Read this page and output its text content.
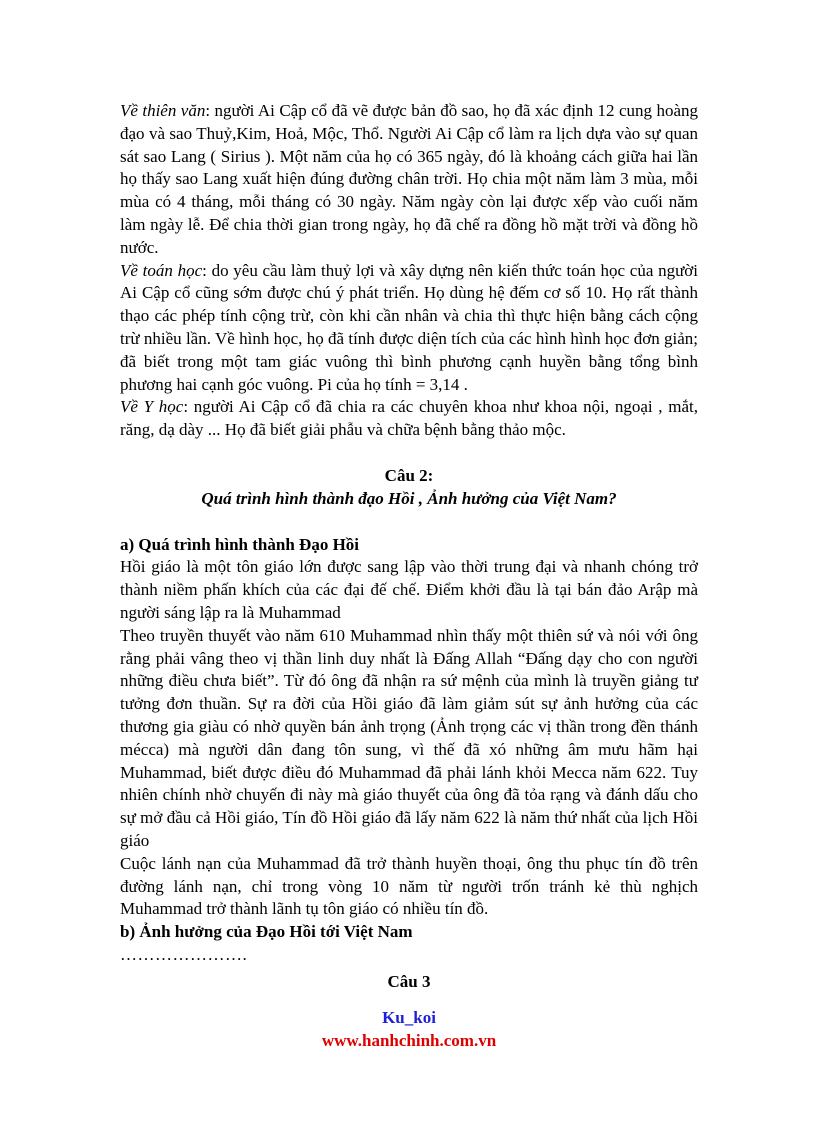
Về thiên văn: người Ai Cập cổ đã vẽ được bản đồ sao, họ đã xác định 12 cung hoàng đạo và sao Thuỷ,Kim, Hoả, Mộc, Thổ. Người Ai Cập cổ làm ra lịch dựa vào sự quan sát sao Lang ( Sirius ). Một năm của họ có 365 ngày, đó là khoảng cách giữa hai lần họ thấy sao Lang xuất hiện đúng đường chân trời. Họ chia một năm làm 3 mùa, mỗi mùa có 4 tháng, mỗi tháng có 30 ngày. Năm ngày còn lại được xếp vào cuối năm làm ngày lễ. Để chia thời gian trong ngày, họ đã chế ra đồng hồ mặt trời và đồng hồ nước.

Về toán học: do yêu cầu làm thuỷ lợi và xây dựng nên kiến thức toán học của người Ai Cập cổ cũng sớm được chú ý phát triển. Họ dùng hệ đếm cơ số 10. Họ rất thành thạo các phép tính cộng trừ, còn khi cần nhân và chia thì thực hiện bằng cách cộng trừ nhiều lần. Về hình học, họ đã tính được diện tích của các hình hình học đơn giản; đã biết trong một tam giác vuông thì bình phương cạnh huyền bằng tổng bình phương hai cạnh góc vuông. Pi của họ tính = 3,14 .

Về Y học: người Ai Cập cổ đã chia ra các chuyên khoa như khoa nội, ngoại , mắt, răng, dạ dày ... Họ đã biết giải phẫu và chữa bệnh bằng thảo mộc.

Câu 2:

Quá trình hình thành đạo Hồi , Ảnh hưởng của Việt Nam?

a) Quá trình hình thành Đạo Hồi

Hồi giáo là một tôn giáo lớn được sang lập vào thời trung đại và nhanh chóng trở thành niềm phấn khích của các đại đế chế. Điểm khởi đầu là tại bán đảo Arập mà người sáng lập ra là Muhammad

Theo truyền thuyết vào năm 610 Muhammad nhìn thấy một thiên sứ và nói với ông rằng phải vâng theo vị thần linh duy nhất là Đấng Allah “Đấng dạy cho con người những điều chưa biết”. Từ đó ông đã nhận ra sứ mệnh của mình là truyền giảng tư tưởng đơn thuần. Sự ra đời của Hồi giáo đã làm giảm sút sự ảnh hưởng của các thương gia giàu có nhờ quyền bán ảnh trọng (Ảnh trọng các vị thần trong đền thánh mécca) mà người dân đang tôn sung, vì thế đã xó những âm mưu hãm hại Muhammad, biết được điều đó Muhammad đã phải lánh khỏi Mecca năm 622. Tuy nhiên chính nhờ chuyến đi này mà giáo thuyết của ông đã tỏa rạng và đánh dấu cho sự mở đầu cả Hồi giáo, Tín đồ Hồi giáo đã lấy năm 622 là năm thứ nhất của lịch Hồi giáo

Cuộc lánh nạn của Muhammad đã trở thành huyền thoại, ông thu phục tín đồ trên đường lánh nạn, chỉ trong vòng 10 năm từ người trốn tránh kẻ thù nghịch Muhammad trở thành lãnh tụ tôn giáo có nhiều tín đồ.

b) Ảnh hưởng của Đạo Hồi tới Việt Nam

………………….

Câu 3

Ku_koi

www.hanhchinh.com.vn
